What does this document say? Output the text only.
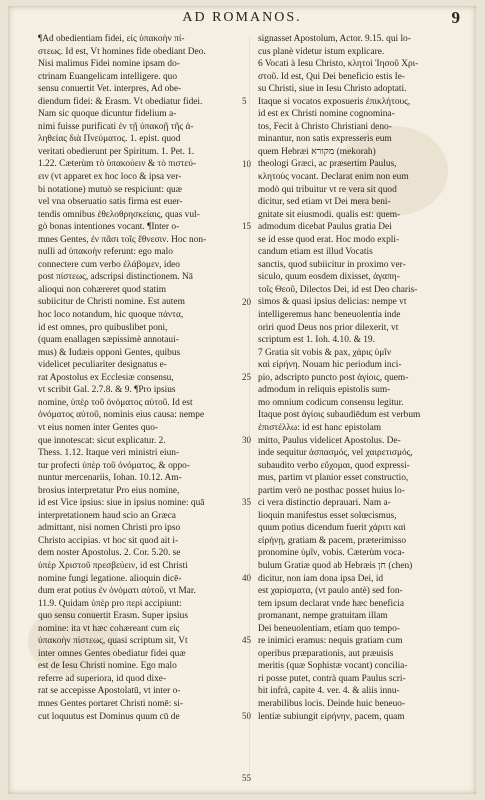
AD ROMANOS.	9
¶Ad obedientiam fidei, εἰς ὑπακοὴν πί-
στεως. Id est, Vt homines fide obediant Deo.
Nisi malimus Fidei nomine ipsam do-
ctrinam Euangelicam intelligere. quo
sensu conuertit Vet. interpres, Ad obe-
diendum fidei: & Erasm. Vt obediatur fidei.
Nam sic quoque dicuntur fidelium a-
nimi fuisse purificati ἐν τῇ ὑπακοῇ τῆς ἀ-
ληθείας διὰ Πνεύματος. 1. epist. quod
veritati obedierunt per Spiritum. 1. Pet. 1.
1.22. Cæterùm τὸ ὑπακούειν & τὸ πιστεύ-
ειν (vt apparet ex hoc loco & ipsa ver-
bi notatione) mutuò se respiciunt: quæ
vel vna obseruatio satis firma est euer-
tendis omnibus ἐθελοθρησκείαις, quas vul-
gò bonas intentiones vocant. ¶Inter o-
mnes Gentes, ἐν πᾶσι τοῖς ἔθνεσιν. Hoc non-
nulli ad ὑπακοὴν referunt: ego malo
connectere cum verbo ἐλάβομεν, ideo
post πίστεως, adscripsi distinctionem. Nā
alioqui non cohæreret quod statim
subiicitur de Christi nomine. Est autem
hoc loco notandum, hic quoque πάντα,
id est omnes, pro quibuslibet poni,
(quam enallagen sæpissimè annotaui-
mus) & Iudæis opponi Gentes, quibus
videlicet peculiariter designatus e-
rat Apostolus ex Ecclesiæ consensu,
vt scribit Gal. 2.7.8. & 9. ¶Pro ipsius
nomine, ὑπὲρ τοῦ ὀνόματος αὐτοῦ. Id est
ὀνόματος αὐτοῦ, nominis eius causa: nempe
vt eius nomen inter Gentes quo-
que innotescat: sicut explicatur. 2.
Thess. 1.12. Itaque veri ministri eiun-
tur profecti ὑπὲρ τοῦ ὀνόματος, & oppo-
nuntur mercenariis, Iohan. 10.12. Am-
brosius interpretatur Pro eius nomine,
id est Vice ipsius: siue in ipsius nomine: quā
interpretationem haud scio an Græca
admittant, nisi nomen Christi pro ipso
Christo accipias. vt hoc sit quod ait i-
dem noster Apostolus. 2. Cor. 5.20. se
ὑπὲρ Χριστοῦ πρεσβεύειν, id est Christi
nomine fungi legatione. alioquin dicē-
dum erat potius ἐν ὀνόματι αὐτοῦ, vt Mar.
11.9. Quidam ὑπὲρ pro περὶ accipiunt:
quo sensu conuertit Erasm. Super ipsius
nomine: ita vt hæc cohæreant cum εἰς
ὑπακοὴν πίστεως, quasi scriptum sit, Vt
inter omnes Gentes obediatur fidei quæ
est de Iesu Christi nomine. Ego malo
referre ad superiora, id quod dixe-
rat se accepisse Apostolatū, vt inter o-
mnes Gentes portaret Christi nomē: si-
cut loquutus est Dominus quum cū de
5
10
15
20
25
30
35
40
45
50
55
signasset Apostolum, Actor. 9.15. qui lo-
cus planè videtur istum explicare.
6 Vocati à Iesu Christo, κλητοὶ Ἰησοῦ Χρι-
στοῦ. Id est, Qui Dei beneficio estis Ie-
su Christi, siue in Iesu Christo adoptati.
Itaque si vocatos exposueris ἐπικλήτους,
id est ex Christi nomine cognomina-
tos, Fecit à Christo Christiani deno-
minantur, non satis expresseris eum
quem Hebræi מקורא (mekorah)
theologi Græci, ac præsertim Paulus,
κλητοὺς vocant. Declarat enim non eum
modò qui tribuitur vt re vera sit quod
dicitur, sed etiam vt Dei mera beni-
gnitate sit eiusmodi. qualis est: quem-
admodum dicebat Paulus gratia Dei
se id esse quod erat. Hoc modo expli-
candum etiam est illud Vocatis
sanctis, quod subiicitur in proximo ver-
siculo, quum eosdem dixisset, ἀγαπη-
τοῖς Θεοῦ, Dilectos Dei, id est Deo charis-
simos & quasi ipsius delicias: nempe vt
intelligeremus hanc beneuolentia inde
oriri quod Deus nos prior dilexerit, vt
scriptum est 1. Ioh. 4.10. & 19.
7 Gratia sit vobis & pax, χάρις ὑμῖν
καὶ εἰρήνη. Nouam hic periodum inci-
pio, adscripto puncto post ἁγίοις, quem-
admodum in reliquis epistolis sum-
mo omnium codicum consensu legitur.
Itaque post ἁγίοις subaudiēdum est verbum
ἐπιστέλλω: id est hanc epistolam
mitto, Paulus videlicet Apostolus. De-
inde sequitur ἀσπασμός, vel χαιρετισμός,
subaudito verbo εὔχομαι, quod expressi-
mus, partim vt planior esset constructio,
partim verò ne posthac posset huius lo-
ci vera distinctio deprauari. Nam a-
lioquin manifestus esset solœcismus,
quum potius dicendum fuerit χάριτι καὶ
εἰρήνῃ, gratiam & pacem, præterimisso
pronomine ὑμῖν, vobis. Cæterùm voca-
bulum Gratiæ quod ab Hebræis חן (chen)
dicitur, non iam dona ipsa Dei, id
est χαρίσματα, (vt paulo antè) sed fon-
tem ipsum declarat vnde hæc beneficia
promanant, nempe gratuitam illam
Dei beneuolentiam, etiam quo tempo-
re inimici eramus: nequis gratiam cum
operibus præparationis, aut præuisis
meritis (quæ Sophistæ vocant) concilia-
ri posse putet, contrà quam Paulus scri-
bit infrà, capite 4. ver. 4. & aliis innu-
merabilibus locis. Deinde huic beneuo-
lentiæ subiungit εἰρήνην, pacem, quam
